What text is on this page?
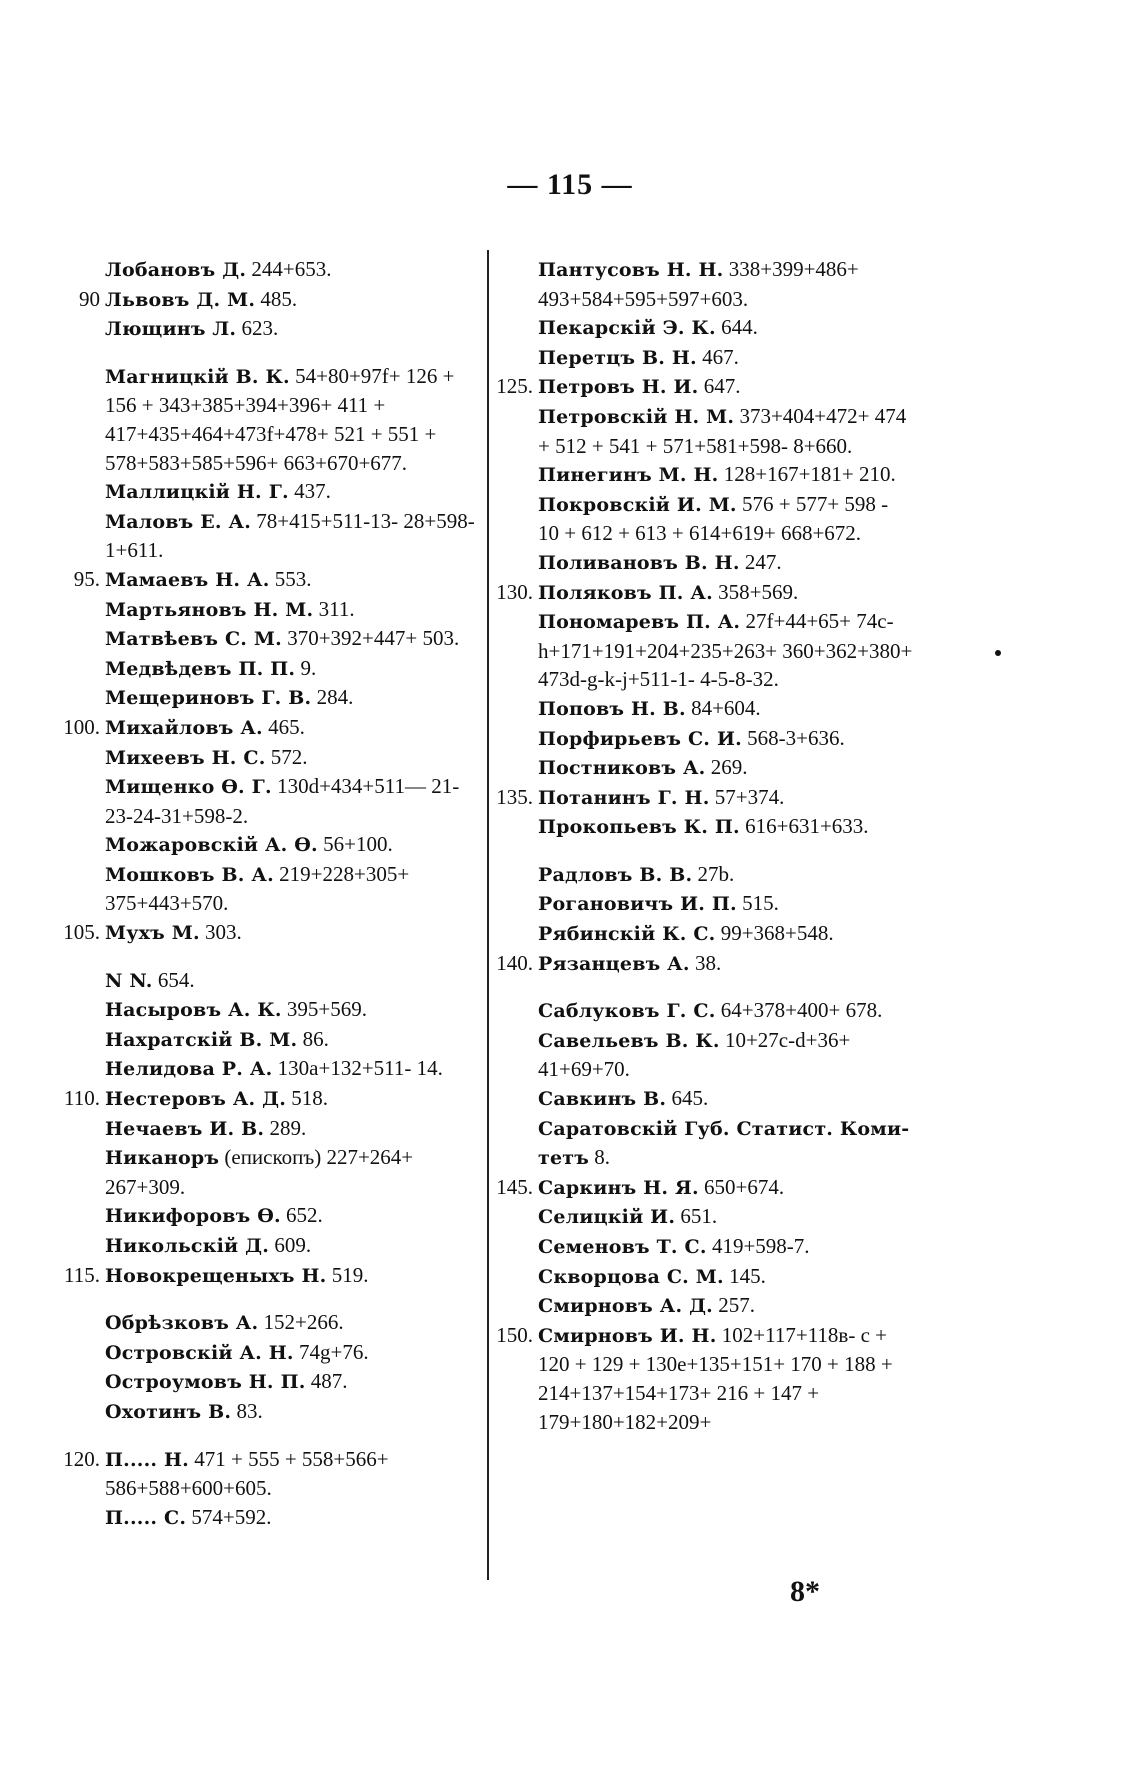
— 115 —

Лобановъ Д. 244+653.

90 Львовъ Д. М. 485.

Лющинъ Л. 623.

Магницкій В. К. 54+80+97f+ 126 + 156 + 343+385+394+396+ 411 + 417+435+464+473f+478+ 521 + 551 + 578+583+585+596+ 663+670+677.

Маллицкій Н. Г. 437.

Маловъ Е. А. 78+415+511-13- 28+598-1+611.

95. Мамаевъ Н. А. 553.

Мартьяновъ Н. М. 311.

Матвѣевъ С. М. 370+392+447+ 503.

Медвѣдевъ П. П. 9.

Мещериновъ Г. В. 284.

100. Михайловъ А. 465.

Михеевъ Н. С. 572.

Мищенко Ѳ. Г. 130d+434+511— 21-23-24-31+598-2.

Можаровскій А. Ѳ. 56+100.

Мошковъ В. А. 219+228+305+ 375+443+570.

105. Мухъ М. 303.

N N. 654.

Насыровъ А. К. 395+569.

Нахратскій В. М. 86.

Нелидова Р. А. 130a+132+511- 14.

110. Нестеровъ А. Д. 518.

Нечаевъ И. В. 289.

Никаноръ (епископъ) 227+264+ 267+309.

Никифоровъ Ѳ. 652.

Никольскій Д. 609.

115. Новокрещеныхъ Н. 519.

Обрѣзковъ А. 152+266.

Островскій А. Н. 74g+76.

Остроумовъ Н. П. 487.

Охотинъ В. 83.

120. П..... Н. 471 + 555 + 558+566+ 586+588+600+605.

П..... С. 574+592.

Пантусовъ Н. Н. 338+399+486+ 493+584+595+597+603.

Пекарскій Э. К. 644.

Перетцъ В. Н. 467.

125. Петровъ Н. И. 647.

Петровскій Н. М. 373+404+472+ 474 + 512 + 541 + 571+581+598- 8+660.

Пинегинъ М. Н. 128+167+181+ 210.

Покровскій И. М. 576 + 577+ 598 - 10 + 612 + 613 + 614+619+ 668+672.

Поливановъ В. Н. 247.

130. Поляковъ П. А. 358+569.

Пономаревъ П. А. 27f+44+65+ 74c-h+171+191+204+235+263+ 360+362+380+ 473d-g-k-j+511-1- 4-5-8-32.

Поповъ Н. В. 84+604.

Порфирьевъ С. И. 568-3+636.

Постниковъ А. 269.

135. Потанинъ Г. Н. 57+374.

Прокопьевъ К. П. 616+631+633.

Радловъ В. В. 27b.

Рогановичъ И. П. 515.

Рябинскій К. С. 99+368+548.

140. Рязанцевъ А. 38.

Саблуковъ Г. С. 64+378+400+ 678.

Савельевъ В. К. 10+27c-d+36+ 41+69+70.

Савкинъ В. 645.

Саратовскій Губ. Статист. Коми- тетъ 8.

145. Саркинъ Н. Я. 650+674.

Селицкій И. 651.

Семеновъ Т. С. 419+598-7.

Скворцова С. М. 145.

Смирновъ А. Д. 257.

150. Смирновъ И. Н. 102+117+118в- c + 120 + 129 + 130e+135+151+ 170 + 188 + 214+137+154+173+ 216 + 147 + 179+180+182+209+

8*
